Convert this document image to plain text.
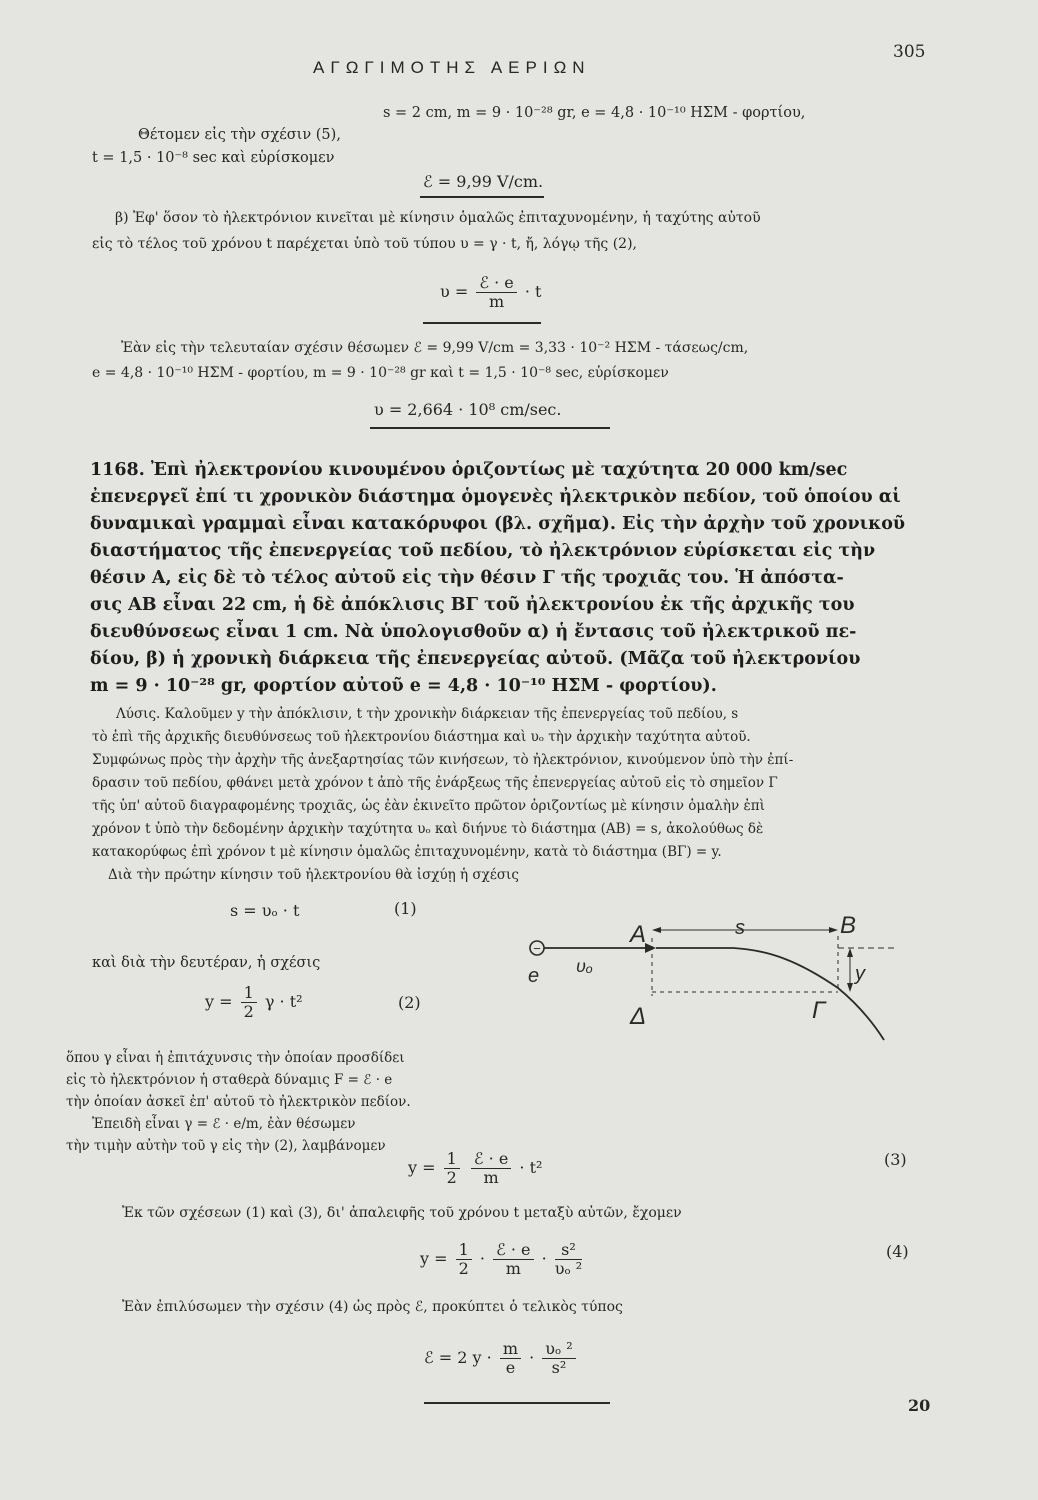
ΑΓΩΓΙΜΟΤΗΣ ΑΕΡΙΩΝ
305
Θέτομεν εἰς τὴν σχέσιν (5),
s = 2 cm, m = 9 · 10⁻²⁸ gr, e = 4,8 · 10⁻¹⁰ ΗΣΜ - φορτίου,
t = 1,5 · 10⁻⁸ sec καὶ εὑρίσκομεν
ℰ = 9,99 V/cm.
β) Ἐφ' ὅσον τὸ ἠλεκτρόνιον κινεῖται μὲ κίνησιν ὁμαλῶς ἐπιταχυνομένην, ἡ ταχύτης αὐτοῦ
εἰς τὸ τέλος τοῦ χρόνου t παρέχεται ὑπὸ τοῦ τύπου υ = γ · t, ἤ, λόγῳ τῆς (2),
$\upsilon = \frac{\text{ℰ · e}}{m} \cdot t$
Ἐὰν εἰς τὴν τελευταίαν σχέσιν θέσωμεν ℰ = 9,99 V/cm = 3,33 · 10⁻² ΗΣΜ - τάσεως/cm,
e = 4,8 · 10⁻¹⁰ ΗΣΜ - φορτίου, m = 9 · 10⁻²⁸ gr καὶ t = 1,5 · 10⁻⁸ sec, εὑρίσκομεν
υ = 2,664 · 10⁸ cm/sec.
1168. Ἐπὶ ἠλεκτρονίου κινουμένου ὁριζοντίως μὲ ταχύτητα 20 000 km/sec
ἐπενεργεῖ ἐπί τι χρονικὸν διάστημα ὁμογενὲς ἠλεκτρικὸν πεδίον, τοῦ ὁποίου αἱ
δυναμικαὶ γραμμαὶ εἶναι κατακόρυφοι (βλ. σχῆμα). Εἰς τὴν ἀρχὴν τοῦ χρονικοῦ
διαστήματος τῆς ἐπενεργείας τοῦ πεδίου, τὸ ἠλεκτρόνιον εὑρίσκεται εἰς τὴν
θέσιν Α, εἰς δὲ τὸ τέλος αὐτοῦ εἰς τὴν θέσιν Γ τῆς τροχιᾶς του. Ἡ ἀπόστα-
σις ΑΒ εἶναι 22 cm, ἡ δὲ ἀπόκλισις ΒΓ τοῦ ἠλεκτρονίου ἐκ τῆς ἀρχικῆς του
διευθύνσεως εἶναι 1 cm. Νὰ ὑπολογισθοῦν α) ἡ ἔντασις τοῦ ἠλεκτρικοῦ πε-
δίου, β) ἡ χρονικὴ διάρκεια τῆς ἐπενεργείας αὐτοῦ. (Μᾶζα τοῦ ἠλεκτρονίου
m = 9 · 10⁻²⁸ gr, φορτίον αὐτοῦ e = 4,8 · 10⁻¹⁰ ΗΣΜ - φορτίου).
Λύσις. Καλοῦμεν y τὴν ἀπόκλισιν, t τὴν χρονικὴν διάρκειαν τῆς ἐπενεργείας τοῦ πεδίου, s
τὸ ἐπὶ τῆς ἀρχικῆς διευθύνσεως τοῦ ἠλεκτρονίου διάστημα καὶ υₒ τὴν ἀρχικὴν ταχύτητα αὐτοῦ.
Συμφώνως πρὸς τὴν ἀρχὴν τῆς ἀνεξαρτησίας τῶν κινήσεων, τὸ ἠλεκτρόνιον, κινούμενον ὑπὸ τὴν ἐπί-
δρασιν τοῦ πεδίου, φθάνει μετὰ χρόνον t ἀπὸ τῆς ἐνάρξεως τῆς ἐπενεργείας αὐτοῦ εἰς τὸ σημεῖον Γ
τῆς ὑπ' αὐτοῦ διαγραφομένης τροχιᾶς, ὡς ἐὰν ἐκινεῖτο πρῶτον ὁριζοντίως μὲ κίνησιν ὁμαλὴν ἐπὶ
χρόνον t ὑπὸ τὴν δεδομένην ἀρχικὴν ταχύτητα υₒ καὶ διήνυε τὸ διάστημα (ΑΒ) = s, ἀκολούθως δὲ
κατακορύφως ἐπὶ χρόνον t μὲ κίνησιν ὁμαλῶς ἐπιταχυνομένην, κατὰ τὸ διάστημα (ΒΓ) = y.
Διὰ τὴν πρώτην κίνησιν τοῦ ἠλεκτρονίου θὰ ἰσχύῃ ἡ σχέσις
s = υₒ · t	(1)
καὶ διὰ τὴν δευτέραν, ἡ σχέσις
$y = \frac{1}{2}$ γ · t²	(2)
ὅπου γ εἶναι ἡ ἐπιτάχυνσις τὴν ὁποίαν προσδίδει
εἰς τὸ ἠλεκτρόνιον ἡ σταθερὰ δύναμις F = ℰ · e
τὴν ὁποίαν ἀσκεῖ ἐπ' αὐτοῦ τὸ ἠλεκτρικὸν πεδίον.
Ἐπειδὴ εἶναι γ = ℰ · e/m, ἐὰν θέσωμεν
τὴν τιμὴν αὐτὴν τοῦ γ εἰς τὴν (2), λαμβάνομεν
−
A	B
Γ
Δ
s
y
e υₒ
$y = \frac{1}{2}$
$\frac{\text{ℰ · e}}{m} \cdot t^2$	(3)
Ἐκ τῶν σχέσεων (1) καὶ (3), δι' ἀπαλειφῆς τοῦ χρόνου t μεταξὺ αὐτῶν, ἔχομεν
$y = \frac{1}{2} \cdot \frac{\text{ℰ · e}}{m} \cdot \frac{\text{s²}}{\text{υₒ ²}}$	(4)
Ἐὰν ἐπιλύσωμεν τὴν σχέσιν (4) ὡς πρὸς ℰ, προκύπτει ὁ τελικὸς τύπος
ℰ = 2 $y \cdot \frac{m}{e} \cdot \frac{\text{υₒ ²}}{\text{s²}}$
20
